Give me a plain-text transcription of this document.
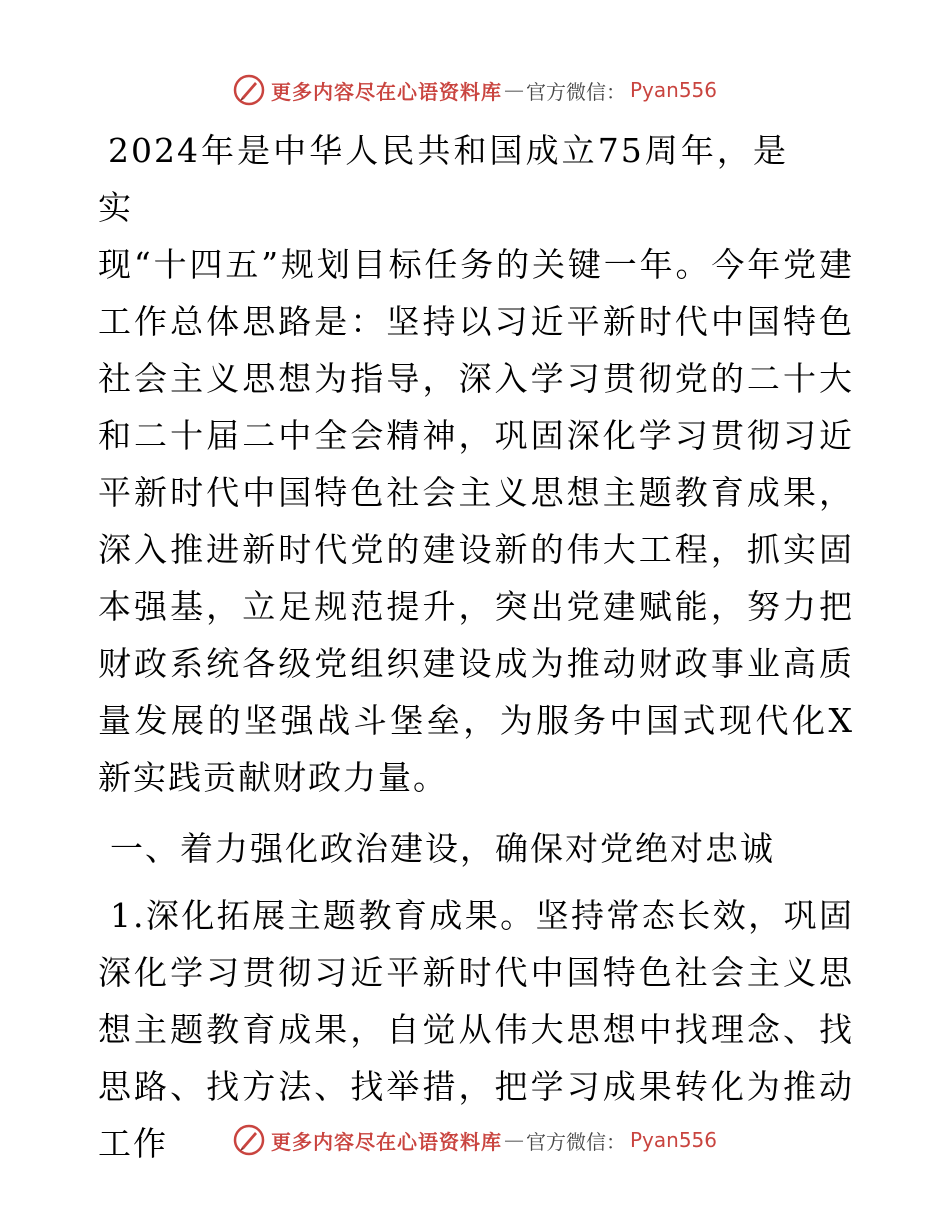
更多内容尽在心语资料库 — 官方微信： Pyan556

2024年是中华人民共和国成立75周年，是实

现“十四五”规划目标任务的关键一年。今年党建工作总体思路是：坚持以习近平新时代中国特色社会主义思想为指导，深入学习贯彻党的二十大和二十届二中全会精神，巩固深化学习贯彻习近平新时代中国特色社会主义思想主题教育成果，深入推进新时代党的建设新的伟大工程，抓实固本强基，立足规范提升，突出党建赋能，努力把财政系统各级党组织建设成为推动财政事业高质量发展的坚强战斗堡垒，为服务中国式现代化X新实践贡献财政力量。

一、着力强化政治建设，确保对党绝对忠诚

1.深化拓展主题教育成果。坚持常态长效，巩固深化学习贯彻习近平新时代中国特色社会主义思想主题教育成果，自觉从伟大思想中找理念、找思路、找方法、找举措，把学习成果转化为推动工作	更多内容尽在心语资料库 — 官方微信： Pyan556
